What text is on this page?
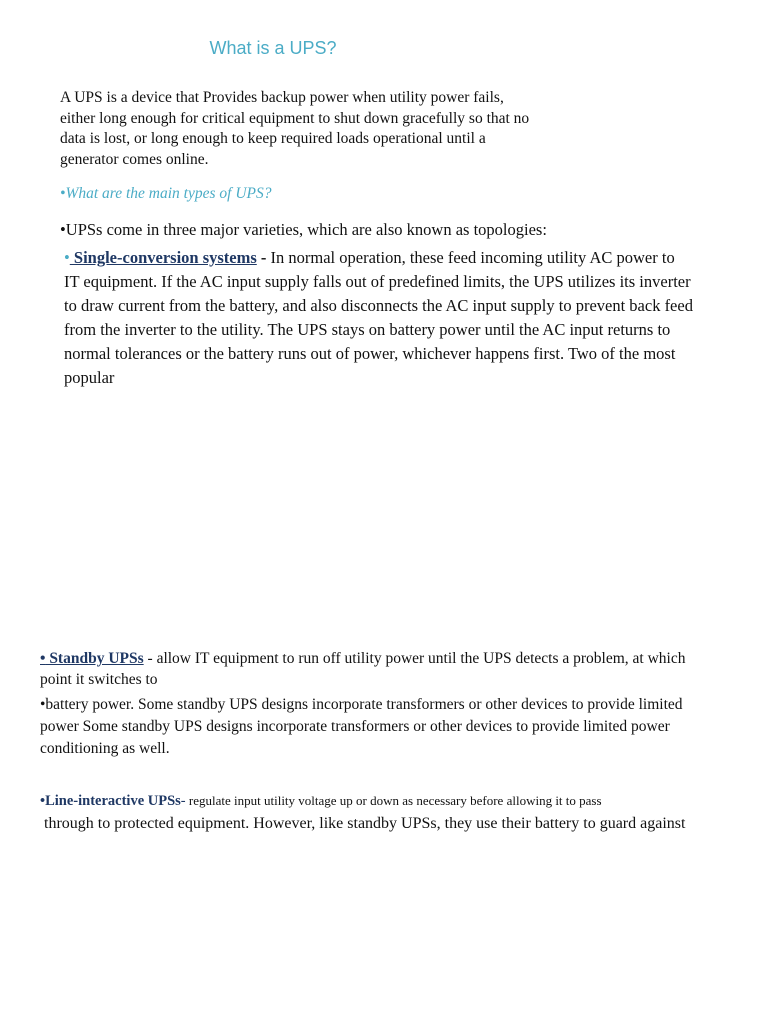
What is a UPS?
A UPS is a device that Provides backup power when utility power fails, either long enough for critical equipment to shut down gracefully so that no data is lost, or long enough to keep required loads operational until a generator comes online.
•What are the main types of UPS?
•UPSs come in three major varieties, which are also known as topologies:
• Single-conversion systems - In normal operation, these feed incoming utility AC power to IT equipment. If the AC input supply falls out of predefined limits, the UPS utilizes its inverter to draw current from the battery, and also disconnects the AC input supply to prevent back feed from the inverter to the utility. The UPS stays on battery power until the AC input returns to normal tolerances or the battery runs out of power, whichever happens first. Two of the most popular
• Standby UPSs - allow IT equipment to run off utility power until the UPS detects a problem, at which point it switches to
•battery power. Some standby UPS designs incorporate transformers or other devices to provide limited power Some standby UPS designs incorporate transformers or other devices to provide limited power conditioning as well.
•Line-interactive UPSs- regulate input utility voltage up or down as necessary before allowing it to pass
through to protected equipment. However, like standby UPSs, they use their battery to guard against
